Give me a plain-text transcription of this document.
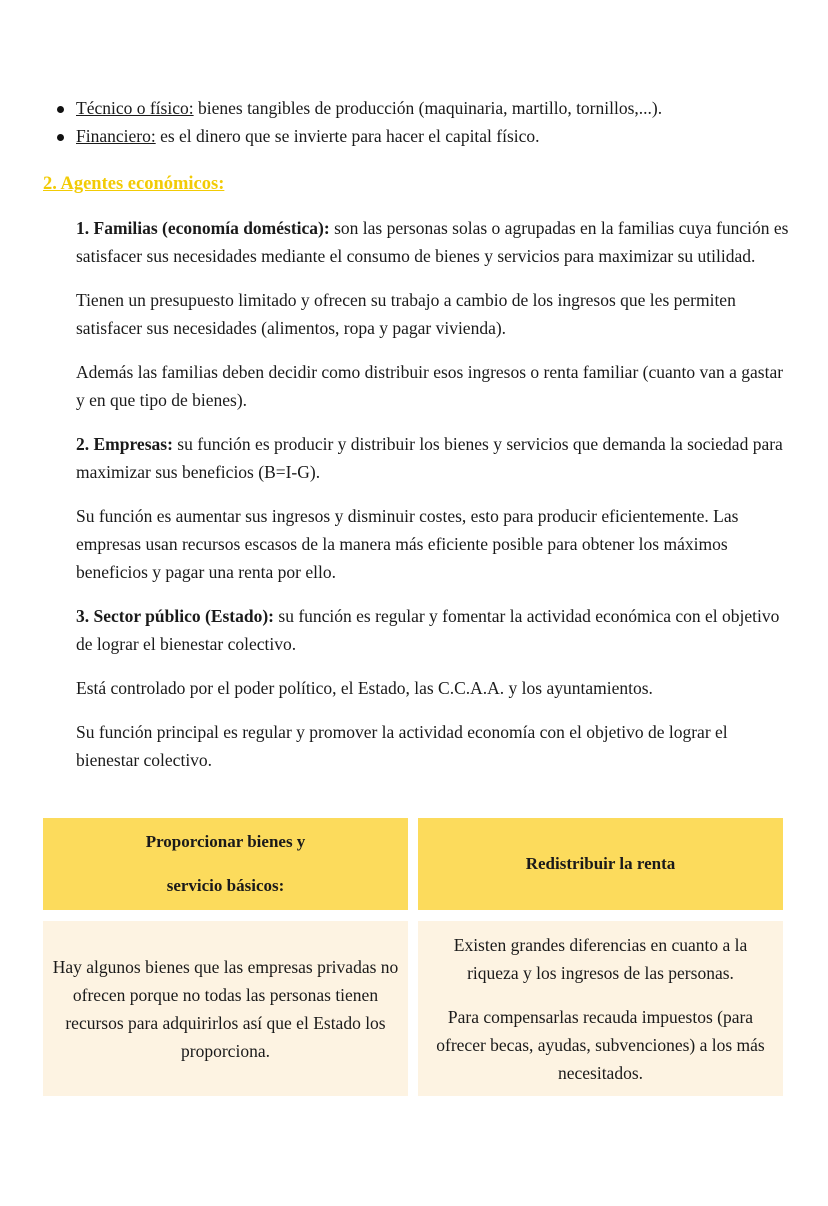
Técnico o físico: bienes tangibles de producción (maquinaria, martillo, tornillos,...).
Financiero: es el dinero que se invierte para hacer el capital físico.
2. Agentes económicos:

1. Familias (economía doméstica): son las personas solas o agrupadas en la familias cuya función es satisfacer sus necesidades mediante el consumo de bienes y servicios para maximizar su utilidad.

Tienen un presupuesto limitado y ofrecen su trabajo a cambio de los ingresos que les permiten satisfacer sus necesidades (alimentos, ropa y pagar vivienda).

Además las familias deben decidir como distribuir esos ingresos o renta familiar (cuanto van a gastar y en que tipo de bienes).

2. Empresas: su función es producir y distribuir los bienes y servicios que demanda la sociedad para maximizar sus beneficios (B=I-G).

Su función es aumentar sus ingresos y disminuir costes, esto para producir eficientemente. Las empresas usan recursos escasos de la manera más eficiente posible para obtener los máximos beneficios y pagar una renta por ello.

3. Sector público (Estado): su función es regular y fomentar la actividad económica con el objetivo de lograr el bienestar colectivo.

Está controlado por el poder político, el Estado, las C.C.A.A. y los ayuntamientos.

Su función principal es regular y promover la actividad economía con el objetivo de lograr el bienestar colectivo.

Proporcionar bienes y

servicio básicos:

Redistribuir la renta

Hay algunos bienes que las empresas privadas no ofrecen porque no todas las personas tienen recursos para adquirirlos así que el Estado los proporciona.

Existen grandes diferencias en cuanto a la riqueza y los ingresos de las personas.

Para compensarlas recauda impuestos (para ofrecer becas, ayudas, subvenciones) a los más necesitados.
